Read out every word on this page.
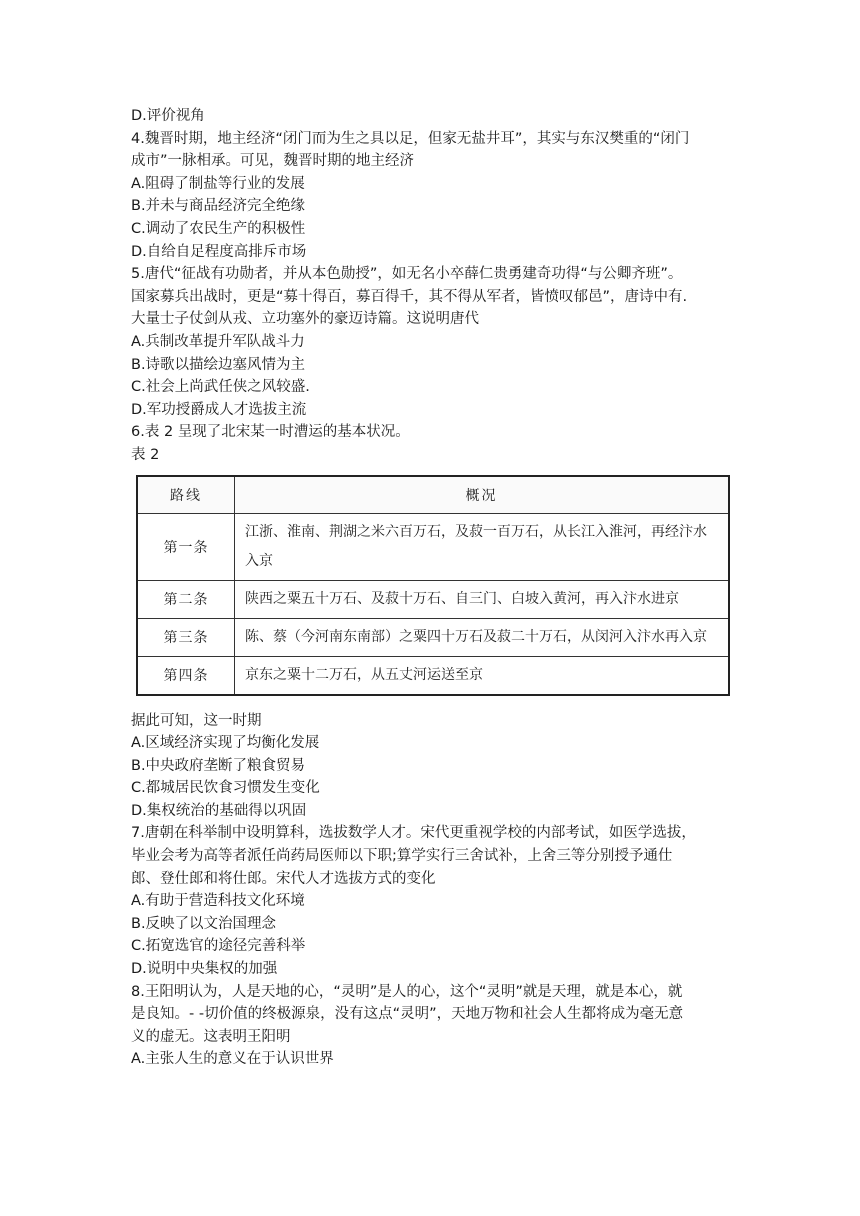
D.评价视角
4.魏晋时期，地主经济“闭门而为生之具以足，但家无盐井耳”，其实与东汉樊重的“闭门
成市”一脉相承。可见，魏晋时期的地主经济
A.阻碍了制盐等行业的发展
B.并未与商品经济完全绝缘
C.调动了农民生产的积极性
D.自给自足程度高排斥市场
5.唐代“征战有功勋者，并从本色勋授”，如无名小卒薛仁贵勇建奇功得“与公卿齐班”。
国家募兵出战时，更是“募十得百，募百得千，其不得从军者，皆愤叹郁邑”，唐诗中有.
大量士子仗剑从戎、立功塞外的豪迈诗篇。这说明唐代
A.兵制改革提升军队战斗力
B.诗歌以描绘边塞风情为主
C.社会上尚武任侠之风较盛.
D.军功授爵成人才选拔主流
6.表 2 呈现了北宋某一时漕运的基本状况。
表 2
路线	概况
第一条	江浙、淮南、荆湖之米六百万石，及菽一百万石，从长江入淮河，再经汴水入京
第二条	陕西之粟五十万石、及菽十万石、自三门、白坡入黄河，再入汴水进京
第三条	陈、蔡（今河南东南部）之粟四十万石及菽二十万石，从闵河入汴水再入京
第四条	京东之粟十二万石，从五丈河运送至京
据此可知，这一时期
A.区域经济实现了均衡化发展
B.中央政府垄断了粮食贸易
C.都城居民饮食习惯发生变化
D.集权统治的基础得以巩固
7.唐朝在科举制中设明算科，选拔数学人才。宋代更重视学校的内部考试，如医学选拔，
毕业会考为高等者派任尚药局医师以下职;算学实行三舍试补，上舍三等分别授予通仕
郎、登仕郎和将仕郎。宋代人才选拔方式的变化
A.有助于营造科技文化环境
B.反映了以文治国理念
C.拓宽选官的途径完善科举
D.说明中央集权的加强
8.王阳明认为，人是天地的心，“灵明”是人的心，这个“灵明”就是天理，就是本心，就
是良知。- -切价值的终极源泉，没有这点“灵明”，天地万物和社会人生都将成为毫无意
义的虚无。这表明王阳明
A.主张人生的意义在于认识世界
